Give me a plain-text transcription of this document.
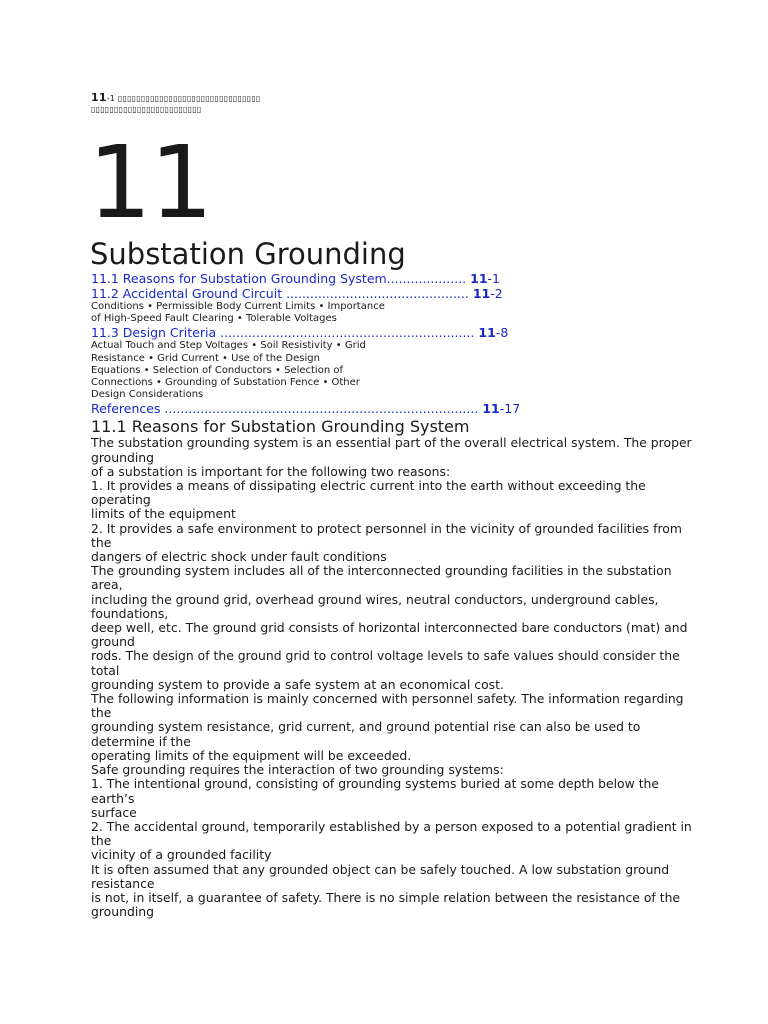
11-1 ▯▯▯▯▯▯▯▯▯▯▯▯▯▯▯▯▯▯▯▯▯▯▯▯▯▯▯▯▯▯▯
▯▯▯▯▯▯▯▯▯▯▯▯▯▯▯▯▯▯▯▯▯▯▯▯
11
Substation Grounding
11.1 Reasons for Substation Grounding System.................... 11-1
11.2 Accidental Ground Circuit .............................................. 11-2
Conditions • Permissible Body Current Limits • Importance
of High-Speed Fault Clearing • Tolerable Voltages
11.3 Design Criteria ................................................................ 11-8
Actual Touch and Step Voltages • Soil Resistivity • Grid
Resistance • Grid Current • Use of the Design
Equations • Selection of Conductors • Selection of
Connections • Grounding of Substation Fence • Other
Design Considerations
References ............................................................................... 11-17
11.1 Reasons for Substation Grounding System
The substation grounding system is an essential part of the overall electrical system. The proper
grounding
of a substation is important for the following two reasons:
1. It provides a means of dissipating electric current into the earth without exceeding the
operating
limits of the equipment
2. It provides a safe environment to protect personnel in the vicinity of grounded facilities from
the
dangers of electric shock under fault conditions
The grounding system includes all of the interconnected grounding facilities in the substation
area,
including the ground grid, overhead ground wires, neutral conductors, underground cables,
foundations,
deep well, etc. The ground grid consists of horizontal interconnected bare conductors (mat) and
ground
rods. The design of the ground grid to control voltage levels to safe values should consider the
total
grounding system to provide a safe system at an economical cost.
The following information is mainly concerned with personnel safety. The information regarding
the
grounding system resistance, grid current, and ground potential rise can also be used to
determine if the
operating limits of the equipment will be exceeded.
Safe grounding requires the interaction of two grounding systems:
1. The intentional ground, consisting of grounding systems buried at some depth below the
earth’s
surface
2. The accidental ground, temporarily established by a person exposed to a potential gradient in
the
vicinity of a grounded facility
It is often assumed that any grounded object can be safely touched. A low substation ground
resistance
is not, in itself, a guarantee of safety. There is no simple relation between the resistance of the
grounding
